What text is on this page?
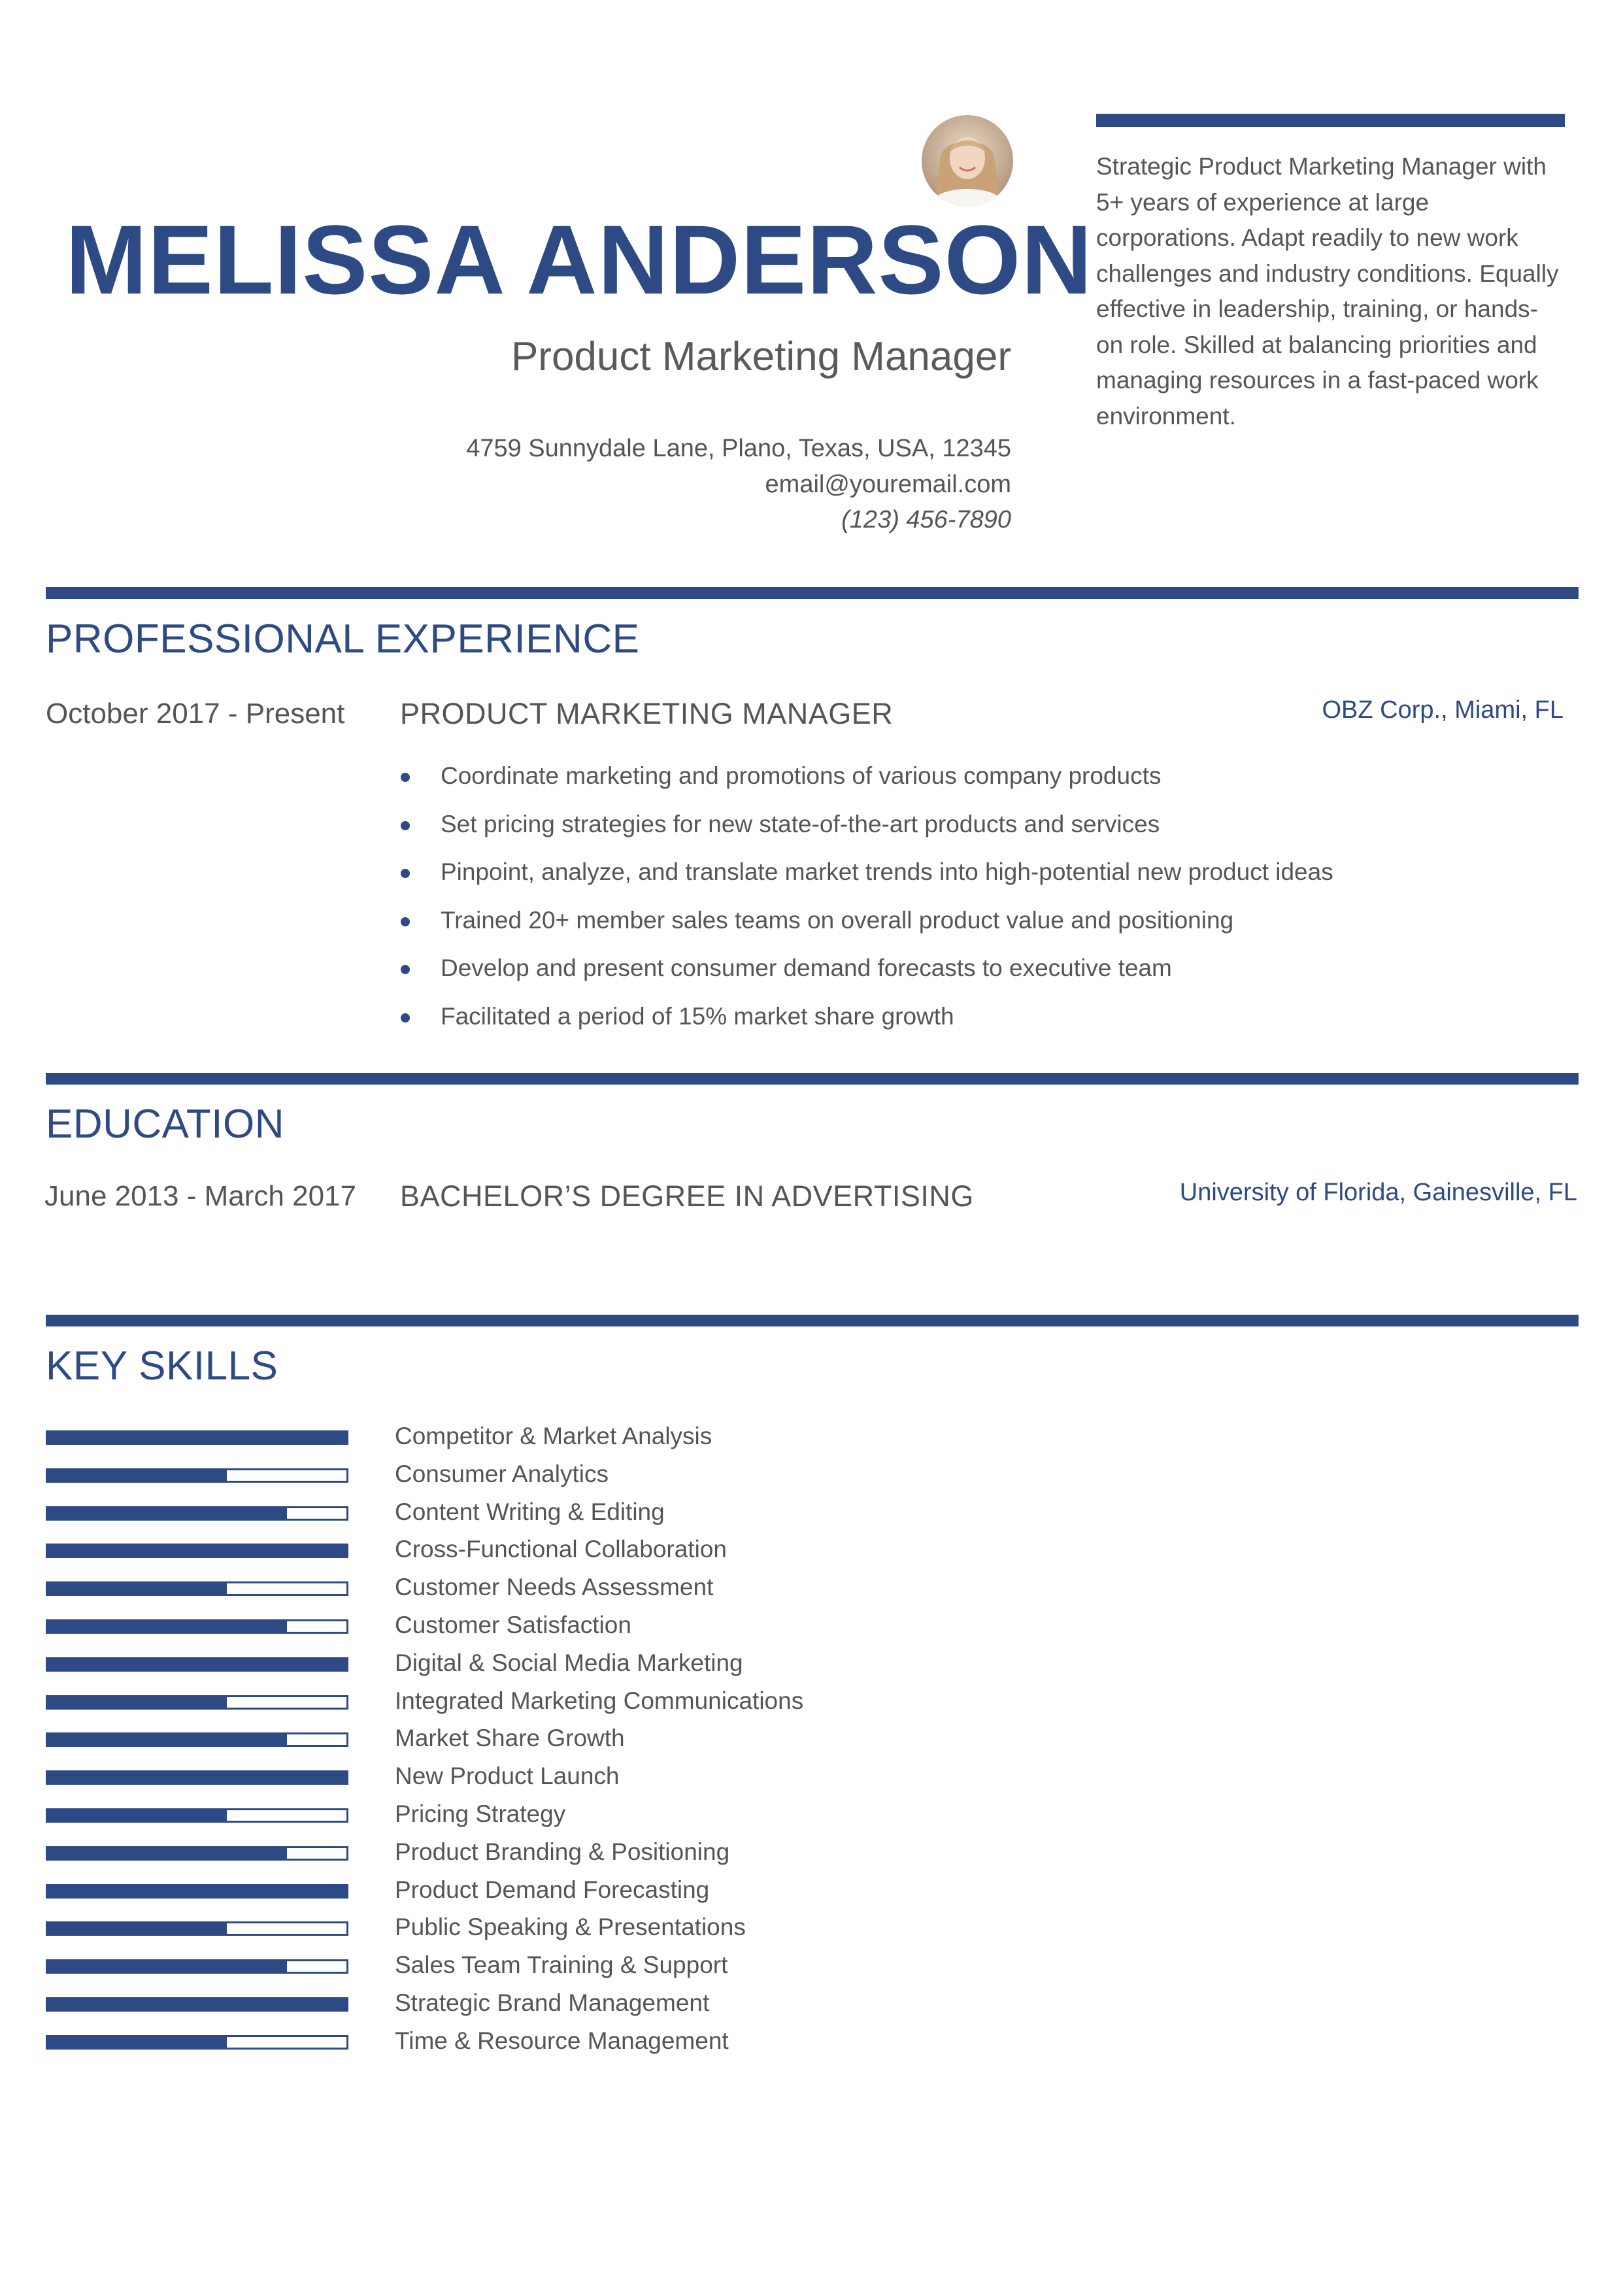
MELISSA ANDERSON
Product Marketing Manager
4759 Sunnydale Lane, Plano, Texas, USA, 12345
email@youremail.com
(123) 456-7890
Strategic Product Marketing Manager with
5+ years of experience at large
corporations. Adapt readily to new work
challenges and industry conditions. Equally
effective in leadership, training, or hands-
on role. Skilled at balancing priorities and
managing resources in a fast-paced work
environment.
PROFESSIONAL EXPERIENCE
October 2017 - Present PRODUCT MARKETING MANAGER	OBZ Corp., Miami, FL
Coordinate marketing and promotions of various company products
Set pricing strategies for new state-of-the-art products and services
Pinpoint, analyze, and translate market trends into high-potential new product ideas
Trained 20+ member sales teams on overall product value and positioning
Develop and present consumer demand forecasts to executive team
Facilitated a period of 15% market share growth
EDUCATION
June 2013 - March 2017 BACHELOR’S DEGREE IN ADVERTISING	University of Florida, Gainesville, FL
KEY SKILLS
Competitor & Market Analysis
Consumer Analytics
Content Writing & Editing
Cross-Functional Collaboration
Customer Needs Assessment
Customer Satisfaction
Digital & Social Media Marketing
Integrated Marketing Communications
Market Share Growth
New Product Launch
Pricing Strategy
Product Branding & Positioning
Product Demand Forecasting
Public Speaking & Presentations
Sales Team Training & Support
Strategic Brand Management
Time & Resource Management
